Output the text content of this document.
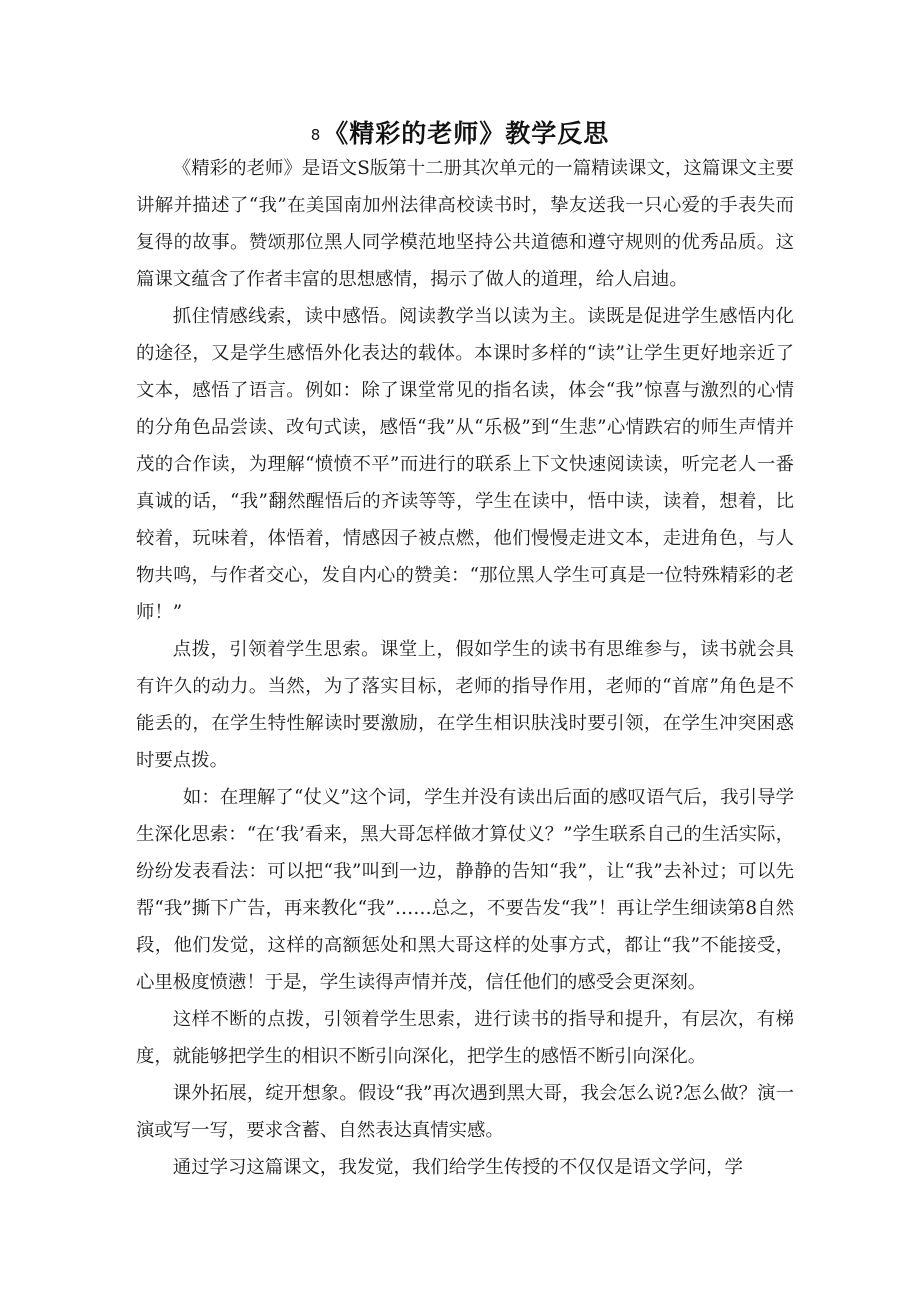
8《精彩的老师》教学反思

《精彩的老师》是语文S版第十二册其次单元的一篇精读课文，这篇课文主要讲解并描述了“我”在美国南加州法律高校读书时，挚友送我一只心爱的手表失而复得的故事。赞颂那位黑人同学模范地坚持公共道德和遵守规则的优秀品质。这篇课文蕴含了作者丰富的思想感情，揭示了做人的道理，给人启迪。

抓住情感线索，读中感悟。阅读教学当以读为主。读既是促进学生感悟内化的途径，又是学生感悟外化表达的载体。本课时多样的“读”让学生更好地亲近了文本，感悟了语言。例如：除了课堂常见的指名读，体会“我”惊喜与激烈的心情的分角色品尝读、改句式读，感悟“我”从“乐极”到“生悲”心情跌宕的师生声情并茂的合作读，为理解“愤愤不平”而进行的联系上下文快速阅读读，听完老人一番真诚的话，“我”翻然醒悟后的齐读等等，学生在读中，悟中读，读着，想着，比较着，玩味着，体悟着，情感因子被点燃，他们慢慢走进文本，走进角色，与人物共鸣，与作者交心，发自内心的赞美：“那位黑人学生可真是一位特殊精彩的老师！”

点拨，引领着学生思索。课堂上，假如学生的读书有思维参与，读书就会具有许久的动力。当然，为了落实目标，老师的指导作用，老师的“首席”角色是不能丢的，在学生特性解读时要激励，在学生相识肤浅时要引领，在学生冲突困惑时要点拨。

如：在理解了“仗义”这个词，学生并没有读出后面的感叹语气后，我引导学生深化思索：“在‘我’看来，黑大哥怎样做才算仗义？”学生联系自己的生活实际，纷纷发表看法：可以把“我”叫到一边，静静的告知“我”，让“我”去补过；可以先帮“我”撕下广告，再来教化“我”……总之，不要告发“我”！再让学生细读第8自然段，他们发觉，这样的高额惩处和黑大哥这样的处事方式，都让“我”不能接受，心里极度愤懑！于是，学生读得声情并茂，信任他们的感受会更深刻。

这样不断的点拨，引领着学生思索，进行读书的指导和提升，有层次，有梯度，就能够把学生的相识不断引向深化，把学生的感悟不断引向深化。

课外拓展，绽开想象。假设“我”再次遇到黑大哥，我会怎么说?怎么做？演一演或写一写，要求含蓄、自然表达真情实感。

通过学习这篇课文，我发觉，我们给学生传授的不仅仅是语文学问，学
